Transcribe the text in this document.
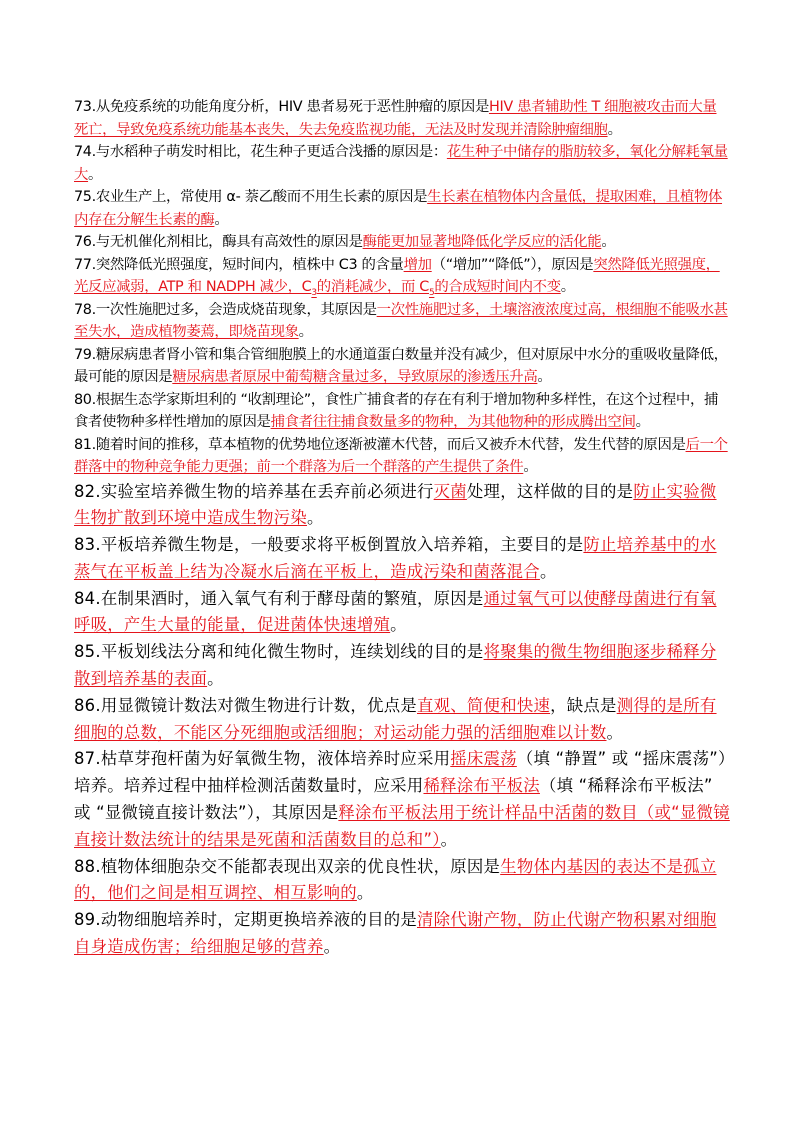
73.从免疫系统的功能角度分析，HIV 患者易死于恶性肿瘤的原因是HIV 患者辅助性 T 细胞被攻击而大量死亡，导致免疫系统功能基本丧失，失去免疫监视功能，无法及时发现并清除肿瘤细胞。

74.与水稻种子萌发时相比，花生种子更适合浅播的原因是：花生种子中储存的脂肪较多，氧化分解耗氧量大。

75.农业生产上，常使用 α- 萘乙酸而不用生长素的原因是生长素在植物体内含量低，提取困难，且植物体内存在分解生长素的酶。

76.与无机催化剂相比，酶具有高效性的原因是酶能更加显著地降低化学反应的活化能。

77.突然降低光照强度，短时间内，植株中 C3 的含量增加（“增加”“降低”），原因是突然降低光照强度，光反应减弱，ATP 和 NADPH 减少，$C_3$的消耗减少，而 $C_5$的合成短时间内不变。

78.一次性施肥过多，会造成烧苗现象，其原因是一次性施肥过多，土壤溶液浓度过高，根细胞不能吸水甚至失水，造成植物萎蔫，即烧苗现象。

79.糖尿病患者肾小管和集合管细胞膜上的水通道蛋白数量并没有减少，但对原尿中水分的重吸收量降低，最可能的原因是糖尿病患者原尿中葡萄糖含量过多，导致原尿的渗透压升高。

80.根据生态学家斯坦利的 “收割理论”，食性广捕食者的存在有利于增加物种多样性，在这个过程中，捕食者使物种多样性增加的原因是捕食者往往捕食数量多的物种，为其他物种的形成腾出空间。

81.随着时间的推移，草本植物的优势地位逐渐被灌木代替，而后又被乔木代替，发生代替的原因是后一个群落中的物种竞争能力更强；前一个群落为后一个群落的产生提供了条件。

82.实验室培养微生物的培养基在丢弃前必须进行灭菌处理，这样做的目的是防止实验微生物扩散到环境中造成生物污染。

83.平板培养微生物是，一般要求将平板倒置放入培养箱，主要目的是防止培养基中的水蒸气在平板盖上结为冷凝水后滴在平板上，造成污染和菌落混合。

84.在制果酒时，通入氧气有利于酵母菌的繁殖，原因是通过氧气可以使酵母菌进行有氧呼吸，产生大量的能量，促进菌体快速增殖。

85.平板划线法分离和纯化微生物时，连续划线的目的是将聚集的微生物细胞逐步稀释分散到培养基的表面。

86.用显微镜计数法对微生物进行计数，优点是直观、简便和快速，缺点是测得的是所有细胞的总数，不能区分死细胞或活细胞；对运动能力强的活细胞难以计数。

87.枯草芽孢杆菌为好氧微生物，液体培养时应采用摇床震荡（填 “静置” 或 “摇床震荡”）培养。培养过程中抽样检测活菌数量时，应采用稀释涂布平板法（填 “稀释涂布平板法” 或 “显微镜直接计数法”），其原因是释涂布平板法用于统计样品中活菌的数目（或“显微镜直接计数法统计的结果是死菌和活菌数目的总和”）。

88.植物体细胞杂交不能都表现出双亲的优良性状，原因是生物体内基因的表达不是孤立的，他们之间是相互调控、相互影响的。

89.动物细胞培养时，定期更换培养液的目的是清除代谢产物，防止代谢产物积累对细胞自身造成伤害；给细胞足够的营养。
